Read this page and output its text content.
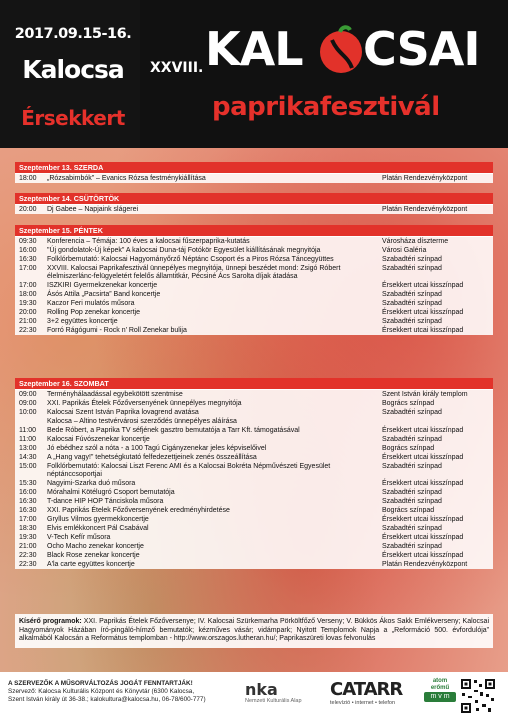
2017.09.15-16.
Kalocsa
Érsekkert
XXVIII. KAL CSAI
paprikafesztivál
Szeptember 13. SZERDA
18:00	„Rózsabimbók” – Evanics Rózsa festménykiállítása	Platán Rendezvényközpont
Szeptember 14. CSÜTÖRTÖK
20:00	Dj Gabee – Napjaink slágerei	Platán Rendezvényközpont
Szeptember 15. PÉNTEK
09:30	Konferencia – Témája: 100 éves a kalocsai fűszerpaprika-kutatás	Városháza díszterme
16:00	"Új gondolatok-Új képek" A kalocsai Duna-táj Fotókör Egyesület kiállításának megnyitója	Városi Galéria
16:30	Folklórbemutató: Kalocsai Hagyományőrző Néptánc Csoport és a Piros Rózsa Táncegyüttes	Szabadtéri színpad
17:00	XXVIII. Kalocsai Paprikafesztivál ünnepélyes megnyitója, ünnepi beszédet mond: Zsigó Róbert élelmiszerlánc-felügyeletért felelős államtitkár, Pécsiné Ács Sarolta díjak átadása
Szabadtéri színpad
17:00	ISZKIRI Gyermekzenekar koncertje	Érsekkert utcai kisszínpad
18:00	Ásós Attila „Pacsirta” Band koncertje	Szabadtéri színpad
19:30	Kaczor Feri mulatós műsora	Szabadtéri színpad
20:00	Rolling Pop zenekar koncertje	Érsekkert utcai kisszínpad
21:00	3+2 együttes koncertje	Szabadtéri színpad
22:30	Forró Rágógumi - Rock n' Roll Zenekar bulija	Érsekkert utcai kisszínpad
Szeptember 16. SZOMBAT
09:00	Terményhálaadással egybekötött szentmise	Szent István király templom
09:00	XXI. Paprikás Ételek Főzőversenyének ünnepélyes megnyitója	Bogrács színpad
10:00	Kalocsai Szent István Paprika lovagrend avatása	Szabadtéri színpad
Kalocsa – Altino testvérvárosi szerződés ünnepélyes aláírása
11:00	Bede Róbert, a Paprika TV séfjének gasztro bemutatója a Tarr Kft. támogatásával	Érsekkert utcai kisszínpad
11:00	Kalocsai Fúvószenekar koncertje	Szabadtéri színpad
13:00	Jó ebédhez szól a nóta - a 100 Tagú Cigányzenekar jeles képviselőivel	Bogrács színpad
14:30	A „Hang vagy!” tehetségkutató felfedezettjeinek zenés összeállítása	Érsekkert utcai kisszínpad
15:00	Folklórbemutató: Kalocsai Liszt Ferenc AMI és a Kalocsai Bokréta Népművészeti Egyesület néptánccsoportjai
Szabadtéri színpad
15:30	Nagyimi-Szarka duó műsora	Érsekkert utcai kisszínpad
16:00	Mórahalmi Kötélugró Csoport bemutatója	Szabadtéri színpad
16:30	T-dance HIP HOP Tánciskola műsora	Szabadtéri színpad
16:30	XXI. Paprikás Ételek Főzőversenyének eredményhirdetése	Bogrács színpad
17:00	Gryllus Vilmos gyermekkoncertje	Érsekkert utcai kisszínpad
18:30	Elvis emlékkoncert Pál Csabával	Szabadtéri színpad
19:30	V-Tech Kefír műsora	Érsekkert utcai kisszínpad
21:00	Ocho Macho zenekar koncertje	Szabadtéri színpad
22:30	Black Rose zenekar koncertje	Érsekkert utcai kisszínpad
22:30	A'la carte együttes koncertje	Platán Rendezvényközpont
Kísérő programok: XXI. Paprikás Ételek Főzőversenye; IV. Kalocsai Szürkemarha Pörköltfőző Verseny; V. Bükkös Ákos Sakk Emlékverseny; Kalocsai Hagyományok Házában író-pingáló-hímző bemutatók; kézműves vásár; vidámpark; Nyitott Templomok Napja a „Reformáció 500. évfordulója” alkalmából Kalocsán a Református templomban - http://www.orszagos.lutheran.hu/; Paprikaszüreti lovas felvonulás
A SZERVEZŐK A MŰSORVÁLTOZÁS JOGÁT FENNTARTJÁK!
Szervező: Kalocsa Kulturális Központ és Könyvtár (6300 Kalocsa,
Szent István király út 36-38.; kalokultura@kalocsa.hu, 06-78/600-777)
nka
Nemzeti Kulturális Alap
CATARR
televízió • internet • telefon
atom
erőmű
m v m
